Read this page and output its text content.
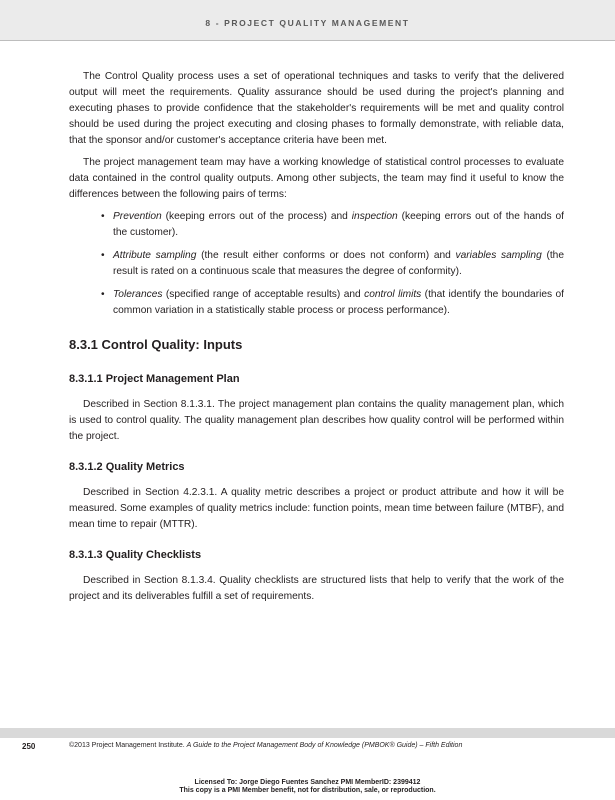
8 - PROJECT QUALITY MANAGEMENT

The Control Quality process uses a set of operational techniques and tasks to verify that the delivered output will meet the requirements. Quality assurance should be used during the project's planning and executing phases to provide confidence that the stakeholder's requirements will be met and quality control should be used during the project executing and closing phases to formally demonstrate, with reliable data, that the sponsor and/or customer's acceptance criteria have been met.

The project management team may have a working knowledge of statistical control processes to evaluate data contained in the control quality outputs. Among other subjects, the team may find it useful to know the differences between the following pairs of terms:

• Prevention (keeping errors out of the process) and inspection (keeping errors out of the hands of the customer).
• Attribute sampling (the result either conforms or does not conform) and variables sampling (the result is rated on a continuous scale that measures the degree of conformity).
• Tolerances (specified range of acceptable results) and control limits (that identify the boundaries of common variation in a statistically stable process or process performance).
8.3.1 Control Quality: Inputs
8.3.1.1 Project Management Plan

Described in Section 8.1.3.1. The project management plan contains the quality management plan, which is used to control quality. The quality management plan describes how quality control will be performed within the project.

8.3.1.2 Quality Metrics

Described in Section 4.2.3.1. A quality metric describes a project or product attribute and how it will be measured. Some examples of quality metrics include: function points, mean time between failure (MTBF), and mean time to repair (MTTR).

8.3.1.3 Quality Checklists

Described in Section 8.1.3.4. Quality checklists are structured lists that help to verify that the work of the project and its deliverables fulfill a set of requirements.

250	©2013 Project Management Institute. A Guide to the Project Management Body of Knowledge (PMBOK® Guide) – Fifth Edition
Licensed To: Jorge Diego Fuentes Sanchez PMI MemberID: 2399412
This copy is a PMI Member benefit, not for distribution, sale, or reproduction.
